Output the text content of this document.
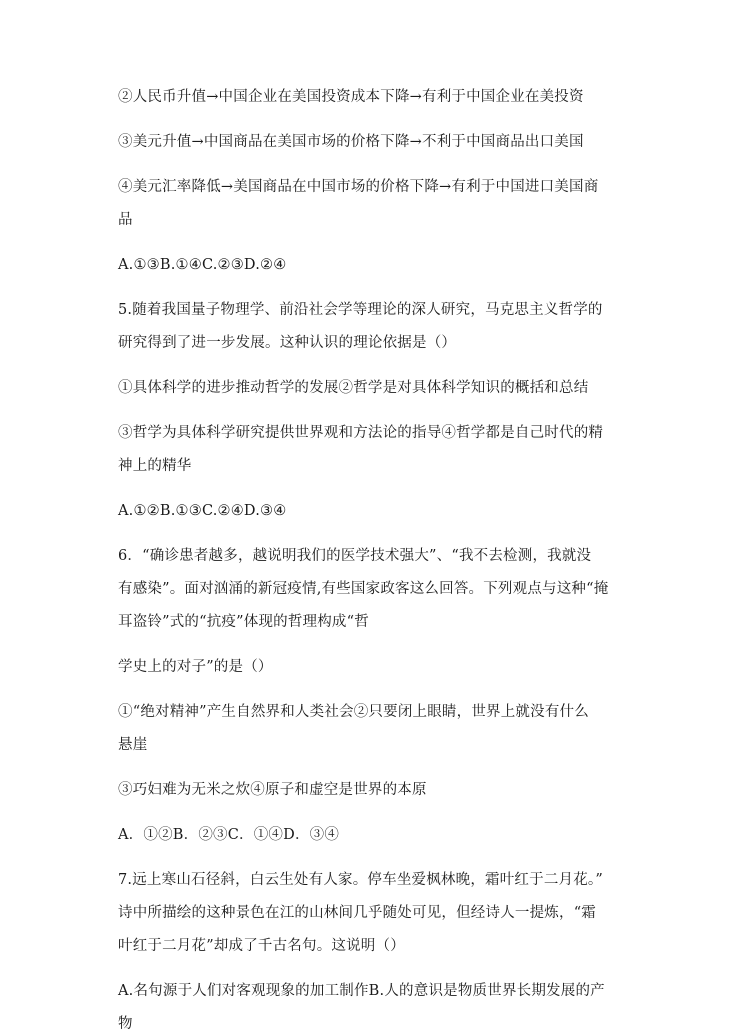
②人民币升值→中国企业在美国投资成本下降→有利于中国企业在美投资
③美元升值→中国商品在美国市场的价格下降→不利于中国商品出口美国
④美元汇率降低→美国商品在中国市场的价格下降→有利于中国进口美国商
品
A.①③B.①④C.②③D.②④
5.随着我国量子物理学、前沿社会学等理论的深人研究，马克思主义哲学的
研究得到了进一步发展。这种认识的理论依据是（）
①具体科学的进步推动哲学的发展②哲学是对具体科学知识的概括和总结
③哲学为具体科学研究提供世界观和方法论的指导④哲学都是自己时代的精
神上的精华
A.①②B.①③C.②④D.③④
6．“确诊患者越多，越说明我们的医学技术强大”、“我不去检测，我就没
有感染”。面对汹涌的新冠疫情,有些国家政客这么回答。下列观点与这种“掩
耳盗铃”式的“抗疫”体现的哲理构成“哲
学史上的对子”的是（）
①“绝对精神”产生自然界和人类社会②只要闭上眼睛，世界上就没有什么
悬崖
③巧妇难为无米之炊④原子和虚空是世界的本原
A．①②B．②③C．①④D．③④
7.远上寒山石径斜，白云生处有人家。停车坐爱枫林晚，霜叶红于二月花。”
诗中所描绘的这种景色在江的山林间几乎随处可见，但经诗人一提炼，“霜
叶红于二月花”却成了千古名句。这说明（）
A.名句源于人们对客观现象的加工制作B.人的意识是物质世界长期发展的产
物
